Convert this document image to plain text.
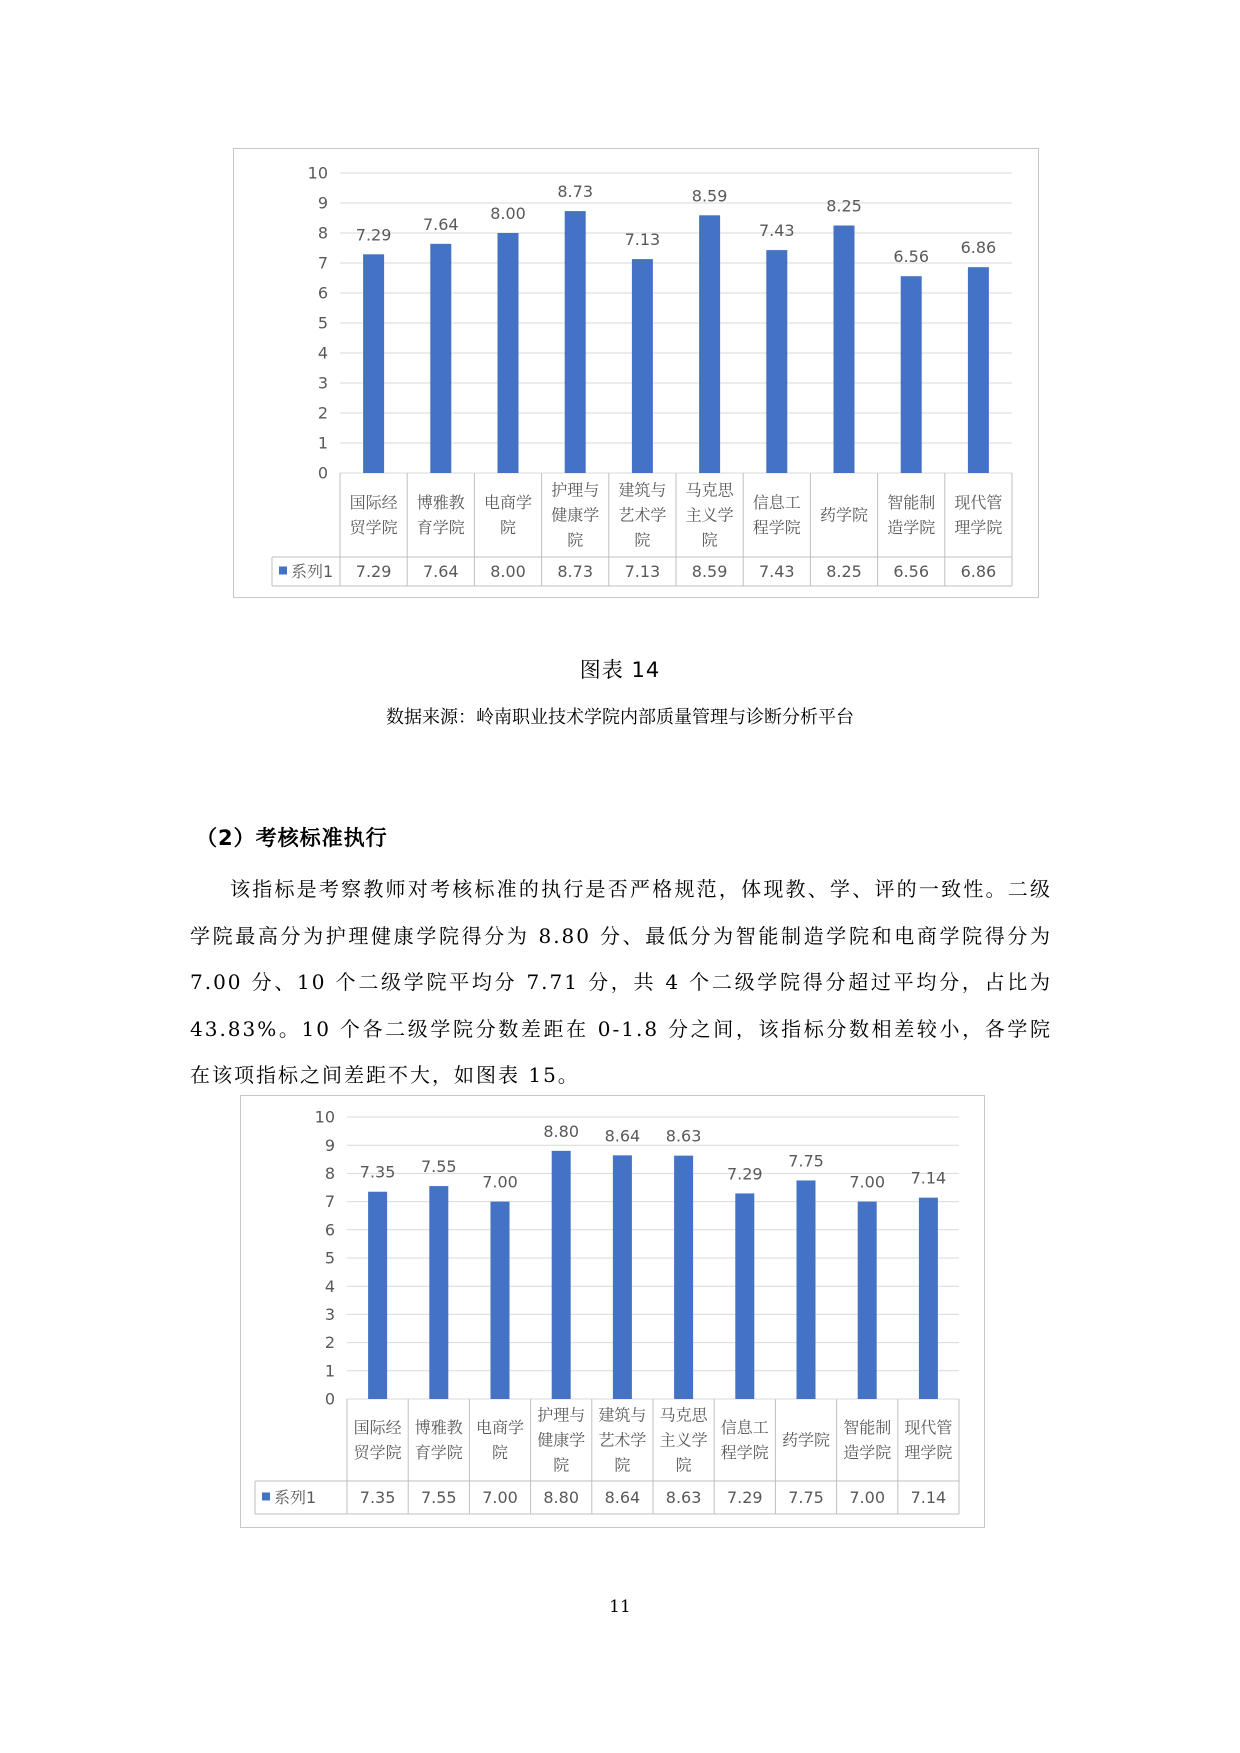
0
1
2
3
4
5
6
7
8
9
10
系列1
7.29
国际经
贸学院
7.29
7.64
博雅教
育学院
7.64
8.00
电商学
院
8.00
8.73
护理与
健康学
院
8.73
7.13
建筑与
艺术学
院
7.13
8.59
马克思
主义学
院
8.59
7.43
信息工
程学院
7.43
8.25
药学院
8.25
6.56
智能制
造学院
6.56
6.86
现代管
理学院
6.86
图表 14
数据来源：岭南职业技术学院内部质量管理与诊断分析平台
（2）考核标准执行
该指标是考察教师对考核标准的执行是否严格规范，体现教、学、评的一致性。二级学院最高分为护理健康学院得分为 8.80 分、最低分为智能制造学院和电商学院得分为 7.00 分、10 个二级学院平均分 7.71 分，共 4 个二级学院得分超过平均分，占比为 43.83%。10 个各二级学院分数差距在 0-1.8 分之间，该指标分数相差较小，各学院在该项指标之间差距不大，如图表 15。
0
1
2
3
4
5
6
7
8
9
10
系列1
7.35
国际经
贸学院
7.35
7.55
博雅教
育学院
7.55
7.00
电商学
院
7.00
8.80
护理与
健康学
院
8.80
8.64
建筑与
艺术学
院
8.64
8.63
马克思
主义学
院
8.63
7.29
信息工
程学院
7.29
7.75
药学院
7.75
7.00
智能制
造学院
7.00
7.14
现代管
理学院
7.14
11
